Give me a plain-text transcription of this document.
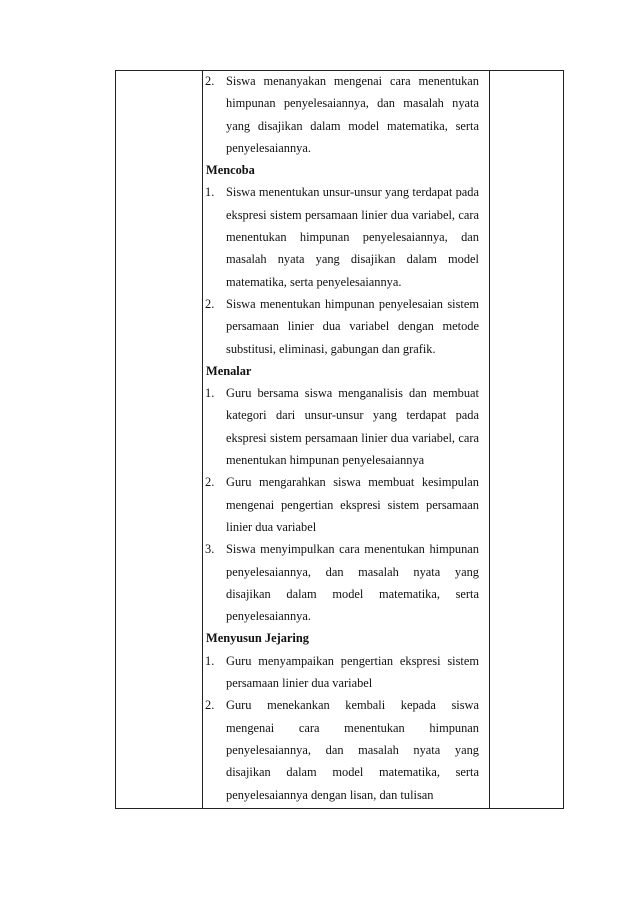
2. Siswa menanyakan mengenai cara menentukan himpunan penyelesaiannya, dan masalah nyata yang disajikan dalam model matematika, serta penyelesaiannya.
Mencoba
1. Siswa menentukan unsur-unsur yang terdapat pada ekspresi sistem persamaan linier dua variabel, cara menentukan himpunan penyelesaiannya, dan masalah nyata yang disajikan dalam model matematika, serta penyelesaiannya.
2. Siswa menentukan himpunan penyelesaian sistem persamaan linier dua variabel dengan metode substitusi, eliminasi, gabungan dan grafik.
Menalar
1. Guru bersama siswa menganalisis dan membuat kategori dari unsur-unsur yang terdapat pada ekspresi sistem persamaan linier dua variabel, cara menentukan himpunan penyelesaiannya
2. Guru mengarahkan siswa membuat kesimpulan mengenai pengertian ekspresi sistem persamaan linier dua variabel
3. Siswa menyimpulkan cara menentukan himpunan penyelesaiannya, dan masalah nyata yang disajikan dalam model matematika, serta penyelesaiannya.
Menyusun Jejaring
1. Guru menyampaikan pengertian ekspresi sistem persamaan linier dua variabel
2. Guru menekankan kembali kepada siswa mengenai cara menentukan himpunan penyelesaiannya, dan masalah nyata yang disajikan dalam model matematika, serta penyelesaiannya dengan lisan, dan tulisan
